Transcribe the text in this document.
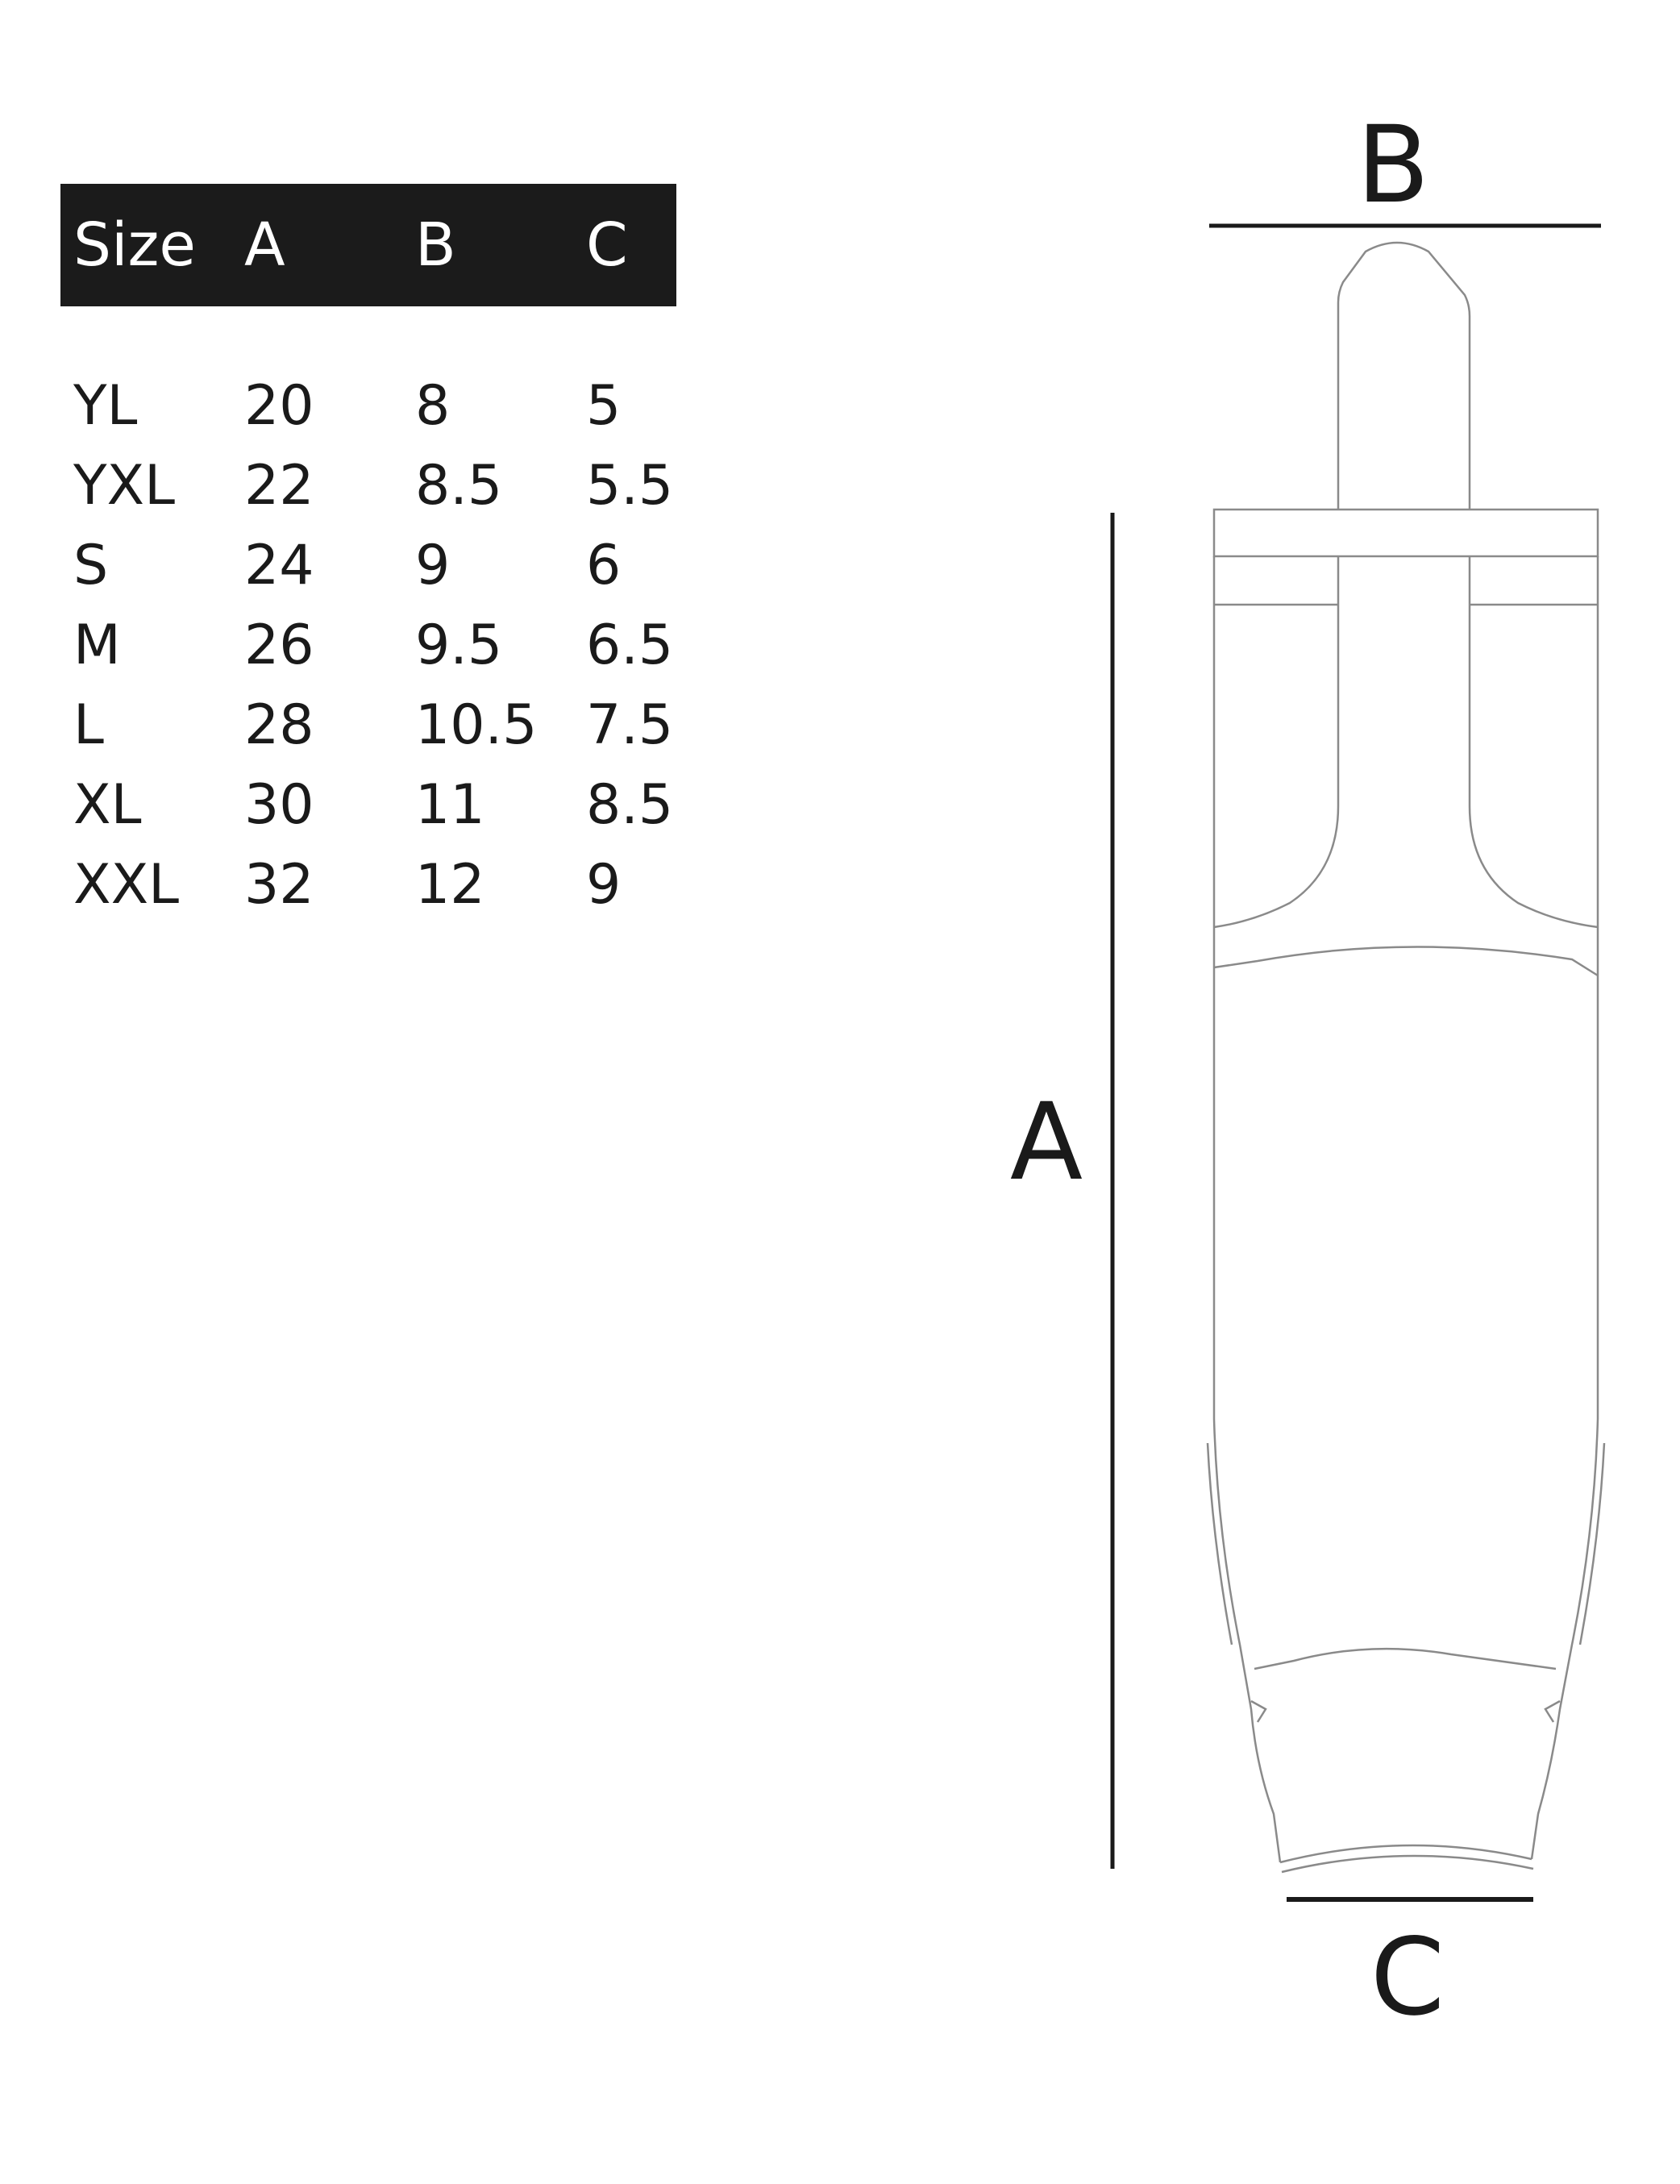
Size A B C
YL 20 8 5
YXL 22 8.5 5.5
S 24 9 6
M 26 9.5 6.5
L	28 10.5 7.5
XL 30 11 8.5
XXL 32 12 9
B
A
C
